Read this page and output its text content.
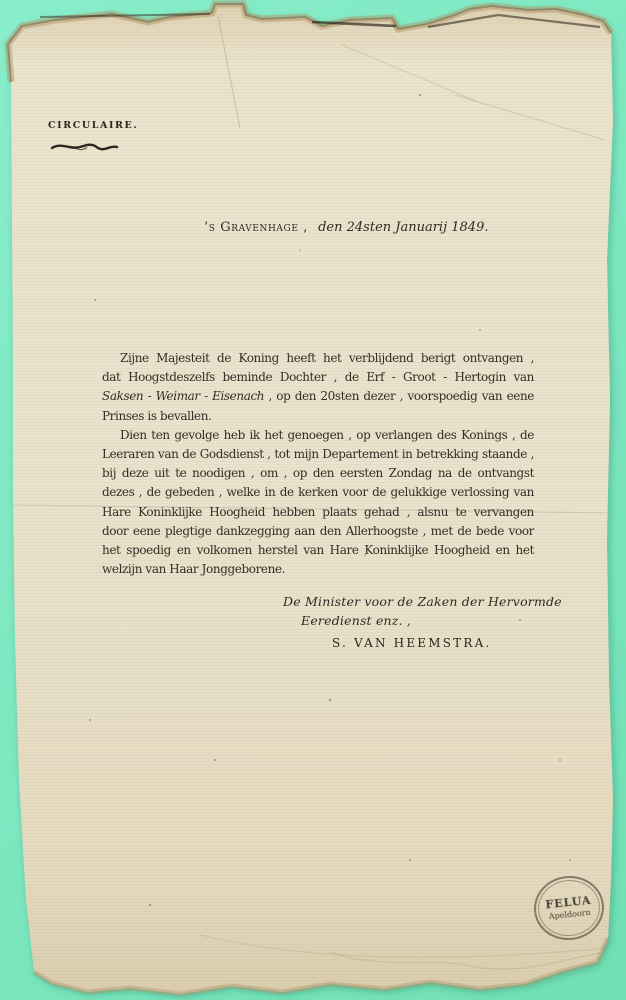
CIRCULAIRE.
’s Gravenhage , den 24sten Januarij 1849.
Zijne Majesteit de Koning heeft het verblijdend berigt ontvangen ,
dat Hoogstdeszelfs beminde Dochter , de Erf - Groot - Hertogin van
Saksen - Weimar - Eisenach , op den 20sten dezer , voorspoedig van eene
Prinses is bevallen.
Dien ten gevolge heb ik het genoegen , op verlangen des Konings , de
Leeraren van de Godsdienst , tot mijn Departement in betrekking staande ,
bij deze uit te noodigen , om , op den eersten Zondag na de ontvangst
dezes , de gebeden , welke in de kerken voor de gelukkige verlossing van
Hare Koninklijke Hoogheid hebben plaats gehad , alsnu te vervangen
door eene plegtige dankzegging aan den Allerhoogste , met de bede voor
het spoedig en volkomen herstel van Hare Koninklijke Hoogheid en het
welzijn van Haar Jonggeborene.
De Minister voor de Zaken der Hervormde
Eeredienst enz. ,
S. VAN HEEMSTRA.
FELUA
Apeldoorn
